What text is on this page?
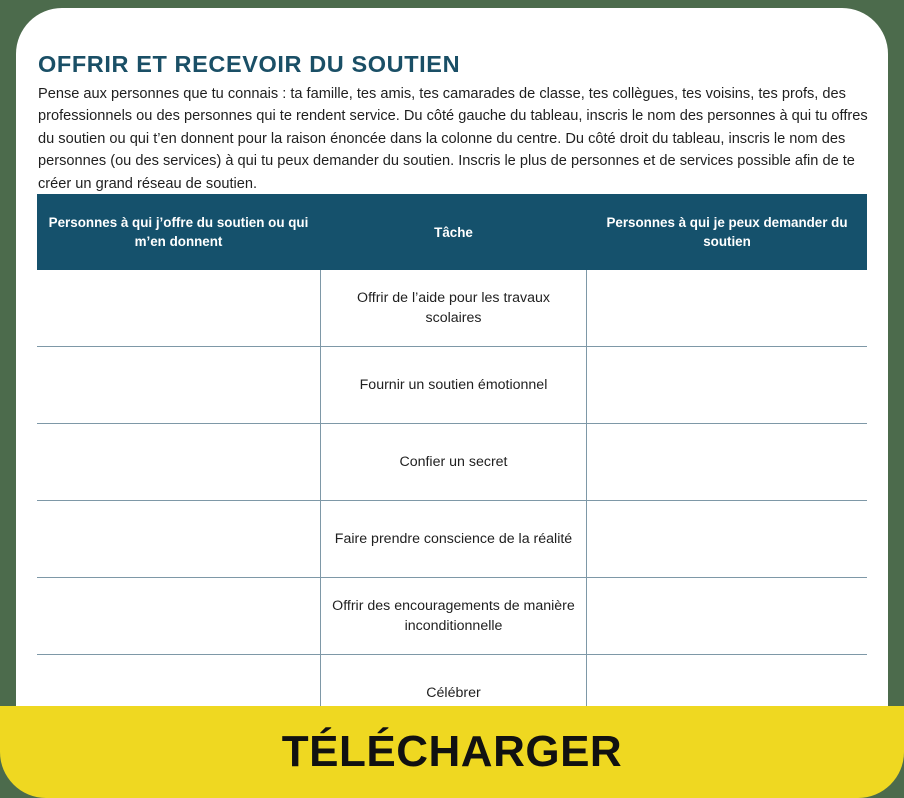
OFFRIR ET RECEVOIR DU SOUTIEN

Pense aux personnes que tu connais : ta famille, tes amis, tes camarades de classe, tes collègues, tes voisins, tes profs, des professionnels ou des personnes qui te rendent service. Du côté gauche du tableau, inscris le nom des personnes à qui tu offres du soutien ou qui t’en donnent pour la raison énoncée dans la colonne du centre. Du côté droit du tableau, inscris le nom des personnes (ou des services) à qui tu peux demander du soutien. Inscris le plus de personnes et de services possible afin de te créer un grand réseau de soutien.

Personnes à qui j’offre du soutien ou qui m’en donnent
Tâche
Personnes à qui je peux demander du soutien
Offrir de l’aide pour les travaux scolaires
Fournir un soutien émotionnel
Confier un secret
Faire prendre conscience de la réalité
Offrir des encouragements de manière inconditionnelle
Célébrer
TÉLÉCHARGER
